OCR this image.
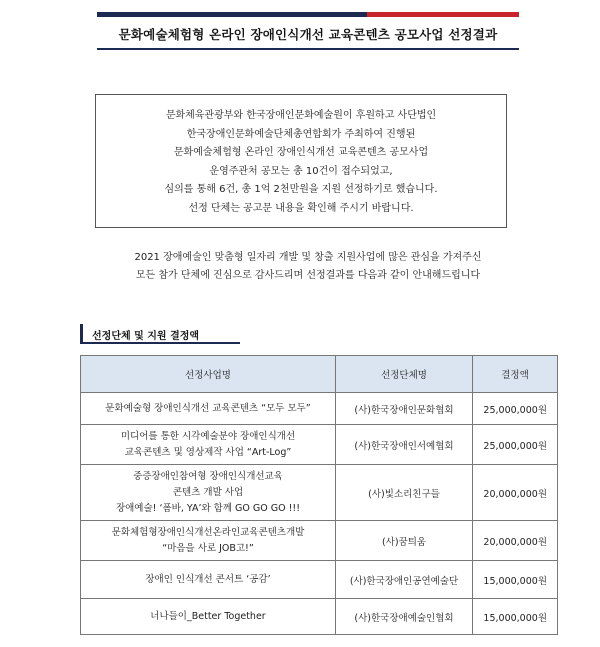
문화예술체험형 온라인 장애인식개선 교육콘텐츠 공모사업 선정결과
문화체육관광부와 한국장애인문화예술원이 후원하고 사단법인
한국장애인문화예술단체총연합회가 주최하여 진행된
문화예술체험형 온라인 장애인식개선 교육콘텐츠 공모사업
운영주관처 공모는 총 10건이 접수되었고,
심의를 통해 6건, 총 1억 2천만원을 지원 선정하기로 했습니다.
선정 단체는 공고문 내용을 확인해 주시기 바랍니다.
2021 장애예술인 맞춤형 일자리 개발 및 창출 지원사업에 많은 관심을 가져주신
모든 참가 단체에 진심으로 감사드리며 선정결과를 다음과 같이 안내해드립니다
선정단체 및 지원 결정액
선정사업명	선정단체명	결정액

문화예술형 장애인식개선 교육콘텐츠 “모두 모두”	(사)한국장애인문화협회	25,000,000원

미디어를 통한 시각예술분야 장애인식개선
교육콘텐츠 및 영상제작 사업 “Art-Log”	(사)한국장애인서예협회	25,000,000원

중증장애인참여형 장애인식개선교육
콘텐츠 개발 사업
장애예술! ‘폼바, YA’와 함께 GO GO GO !!!	(사)빛소리친구들	20,000,000원

문화체험형장애인식개선온라인교육콘텐츠개발
“마음을 사로 JOB고!”	(사)꿈틔움	20,000,000원

장애인 인식개선 콘서트 ‘공감’	(사)한국장애인공연예술단	15,000,000원

너나들이_Better Together	(사)한국장애예술인협회	15,000,000원
